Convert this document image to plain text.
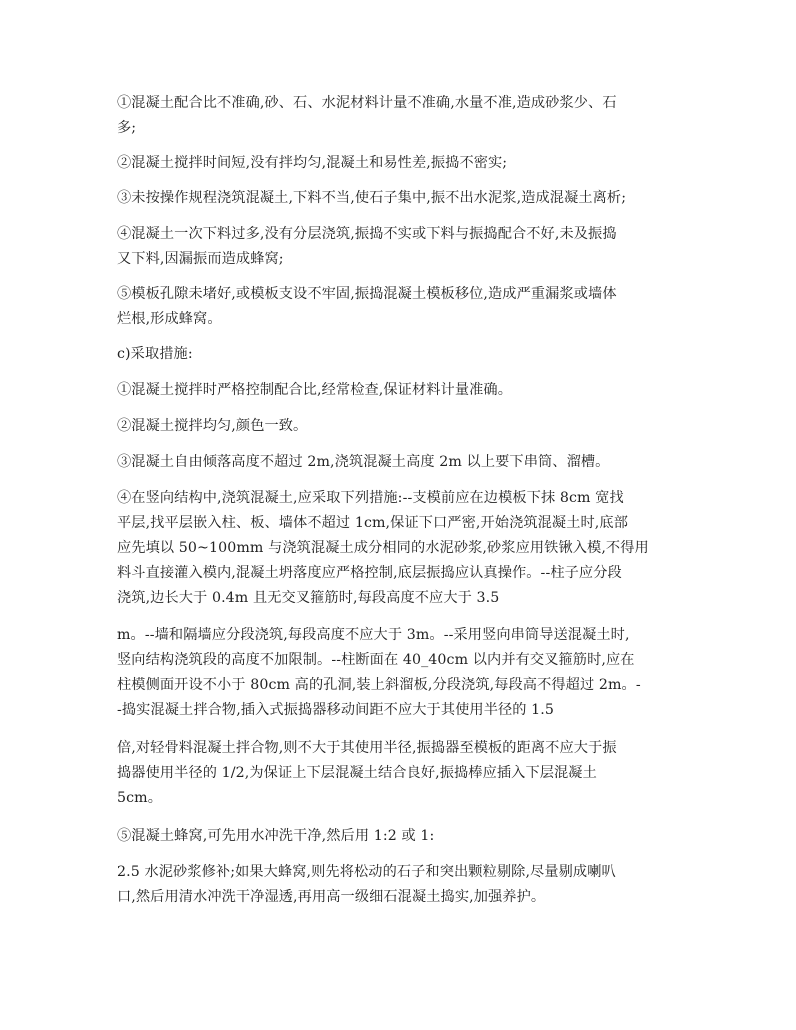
①混凝土配合比不准确,砂、石、水泥材料计量不准确,水量不准,造成砂浆少、石
多;
②混凝土搅拌时间短,没有拌均匀,混凝土和易性差,振捣不密实;
③未按操作规程浇筑混凝土,下料不当,使石子集中,振不出水泥浆,造成混凝土离析;
④混凝土一次下料过多,没有分层浇筑,振捣不实或下料与振捣配合不好,未及振捣
又下料,因漏振而造成蜂窝;
⑤模板孔隙未堵好,或模板支设不牢固,振捣混凝土模板移位,造成严重漏浆或墙体
烂根,形成蜂窝。
c)采取措施:
①混凝土搅拌时严格控制配合比,经常检查,保证材料计量准确。
②混凝土搅拌均匀,颜色一致。
③混凝土自由倾落高度不超过 2m,浇筑混凝土高度 2m 以上要下串筒、溜槽。
④在竖向结构中,浇筑混凝土,应采取下列措施:--支模前应在边模板下抹 8cm 宽找
平层,找平层嵌入柱、板、墙体不超过 1cm,保证下口严密,开始浇筑混凝土时,底部
应先填以 50~100mm 与浇筑混凝土成分相同的水泥砂浆,砂浆应用铁锹入模,不得用
料斗直接灌入模内,混凝土坍落度应严格控制,底层振捣应认真操作。--柱子应分段
浇筑,边长大于 0.4m 且无交叉箍筋时,每段高度不应大于 3.5
m。--墙和隔墙应分段浇筑,每段高度不应大于 3m。--采用竖向串筒导送混凝土时,
竖向结构浇筑段的高度不加限制。--柱断面在 40_40cm 以内并有交叉箍筋时,应在
柱模侧面开设不小于 80cm 高的孔洞,装上斜溜板,分段浇筑,每段高不得超过 2m。-
-捣实混凝土拌合物,插入式振捣器移动间距不应大于其使用半径的 1.5
倍,对轻骨料混凝土拌合物,则不大于其使用半径,振捣器至模板的距离不应大于振
捣器使用半径的 1/2,为保证上下层混凝土结合良好,振捣棒应插入下层混凝土
5cm。
⑤混凝土蜂窝,可先用水冲洗干净,然后用 1:2 或 1:
2.5 水泥砂浆修补;如果大蜂窝,则先将松动的石子和突出颗粒剔除,尽量剔成喇叭
口,然后用清水冲洗干净湿透,再用高一级细石混凝土捣实,加强养护。
